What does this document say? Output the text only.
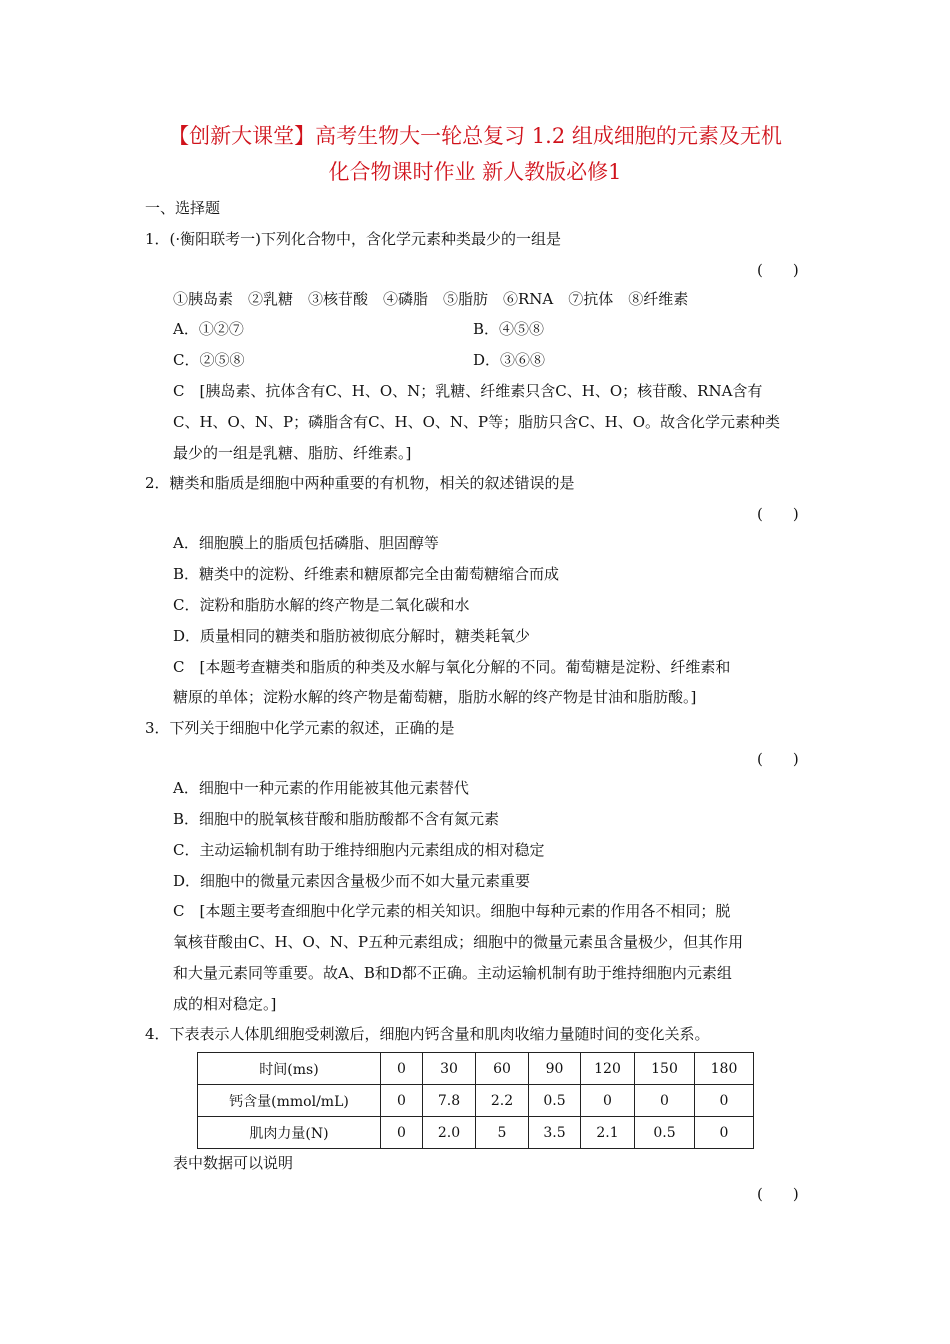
【创新大课堂】高考生物大一轮总复习 1.2 组成细胞的元素及无机
化合物课时作业 新人教版必修1
一、选择题
1．(·衡阳联考一)下列化合物中，含化学元素种类最少的一组是
(　　)
①胰岛素　②乳糖　③核苷酸　④磷脂　⑤脂肪　⑥RNA　⑦抗体　⑧纤维素
A．①②⑦	B．④⑤⑧
C．②⑤⑧	D．③⑥⑧
C　[胰岛素、抗体含有C、H、O、N；乳糖、纤维素只含C、H、O；核苷酸、RNA含有
C、H、O、N、P；磷脂含有C、H、O、N、P等；脂肪只含C、H、O。故含化学元素种类
最少的一组是乳糖、脂肪、纤维素。]
2．糖类和脂质是细胞中两种重要的有机物，相关的叙述错误的是
(　　)
A．细胞膜上的脂质包括磷脂、胆固醇等
B．糖类中的淀粉、纤维素和糖原都完全由葡萄糖缩合而成
C．淀粉和脂肪水解的终产物是二氧化碳和水
D．质量相同的糖类和脂肪被彻底分解时，糖类耗氧少
C　[本题考查糖类和脂质的种类及水解与氧化分解的不同。葡萄糖是淀粉、纤维素和
糖原的单体；淀粉水解的终产物是葡萄糖，脂肪水解的终产物是甘油和脂肪酸。]
3．下列关于细胞中化学元素的叙述，正确的是
(　　)
A．细胞中一种元素的作用能被其他元素替代
B．细胞中的脱氧核苷酸和脂肪酸都不含有氮元素
C．主动运输机制有助于维持细胞内元素组成的相对稳定
D．细胞中的微量元素因含量极少而不如大量元素重要
C　[本题主要考查细胞中化学元素的相关知识。细胞中每种元素的作用各不相同；脱
氧核苷酸由C、H、O、N、P五种元素组成；细胞中的微量元素虽含量极少，但其作用
和大量元素同等重要。故A、B和D都不正确。主动运输机制有助于维持细胞内元素组
成的相对稳定。]
4．下表表示人体肌细胞受刺激后，细胞内钙含量和肌肉收缩力量随时间的变化关系。
时间(ms)	0	30	60	90	120	150	180
钙含量(mmol/mL)	0	7.8	2.2	0.5	0	0	0
肌肉力量(N)	0	2.0	5	3.5	2.1	0.5	0
表中数据可以说明
(　　)
